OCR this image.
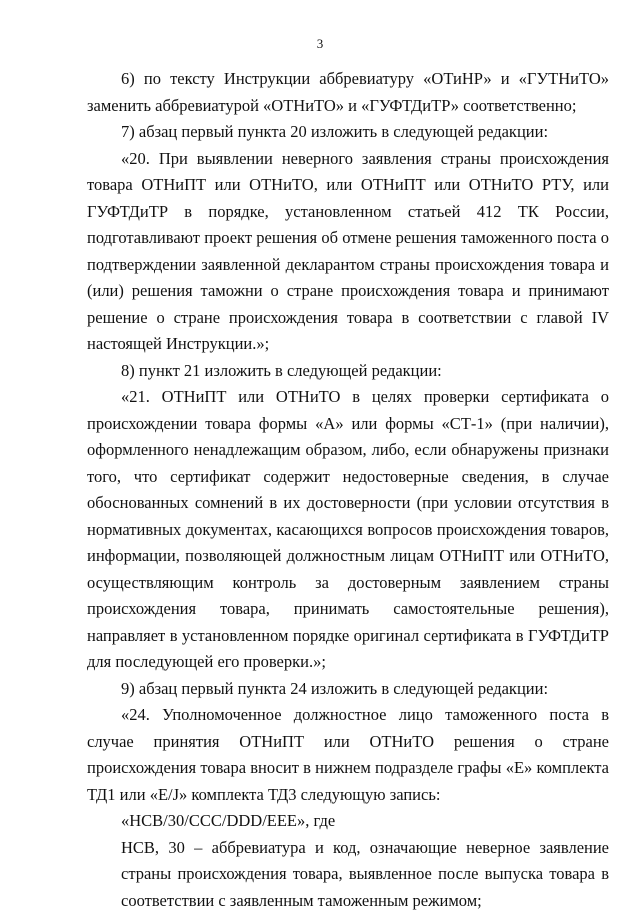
3

6) по тексту Инструкции аббревиатуру «ОТиНР» и «ГУТНиТО» заменить аббревиатурой «ОТНиТО» и «ГУФТДиТР» соответственно;

7) абзац первый пункта 20 изложить в следующей редакции:

«20. При выявлении неверного заявления страны происхождения товара ОТНиПТ или ОТНиТО, или ОТНиПТ или ОТНиТО РТУ, или ГУФТДиТР в порядке, установленном статьей 412 ТК России, подготавливают проект решения об отмене решения таможенного поста о подтверждении заявленной декларантом страны происхождения товара и (или) решения таможни о стране происхождения товара и принимают решение о стране происхождения товара в соответствии с главой IV настоящей Инструкции.»;

8) пункт 21 изложить в следующей редакции:

«21. ОТНиПТ или ОТНиТО в целях проверки сертификата о происхождении товара формы «А» или формы «СТ-1» (при наличии), оформленного ненадлежащим образом, либо, если обнаружены признаки того, что сертификат содержит недостоверные сведения, в случае обоснованных сомнений в их достоверности (при условии отсутствия в нормативных документах, касающихся вопросов происхождения товаров, информации, позволяющей должностным лицам ОТНиПТ или ОТНиТО, осуществляющим контроль за достоверным заявлением страны происхождения товара, принимать самостоятельные решения), направляет в установленном порядке оригинал сертификата в ГУФТДиТР для последующей его проверки.»;

9) абзац первый пункта 24 изложить в следующей редакции:

«24. Уполномоченное должностное лицо таможенного поста в случае принятия ОТНиПТ или ОТНиТО решения о стране происхождения товара вносит в нижнем подразделе графы «Е» комплекта ТД1 или «E/J» комплекта ТД3 следующую запись:

«НСВ/30/ССС/DDD/EEE», где

НСВ, 30 – аббревиатура и код, означающие неверное заявление страны происхождения товара, выявленное после выпуска товара в соответствии с заявленным таможенным режимом;
